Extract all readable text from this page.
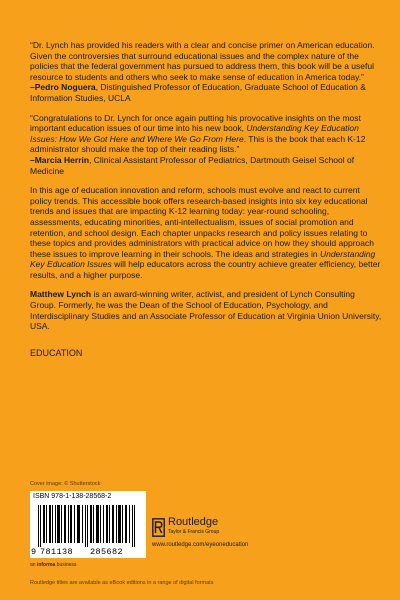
“Dr. Lynch has provided his readers with a clear and concise primer on American education. Given the controversies that surround educational issues and the complex nature of the policies that the federal government has pursued to address them, this book will be a useful resource to students and others who seek to make sense of education in America today.”
–Pedro Noguera, Distinguished Professor of Education, Graduate School of Education & Information Studies, UCLA

“Congratulations to Dr. Lynch for once again putting his provocative insights on the most important education issues of our time into his new book, Understanding Key Education Issues: How We Got Here and Where We Go From Here. This is the book that each K-12 administrator should make the top of their reading lists.”
–Marcia Herrin, Clinical Assistant Professor of Pediatrics, Dartmouth Geisel School of Medicine

In this age of education innovation and reform, schools must evolve and react to current policy trends. This accessible book offers research-based insights into six key educational trends and issues that are impacting K-12 learning today: year-round schooling, assessments, educating minorities, anti-intellectualism, issues of social promotion and retention, and school design. Each chapter unpacks research and policy issues relating to these topics and provides administrators with practical advice on how they should approach these issues to improve learning in their schools. The ideas and strategies in Understanding Key Education Issues will help educators across the country achieve greater efficiency, better results, and a higher purpose.

Matthew Lynch is an award-winning writer, activist, and president of Lynch Consulting Group. Formerly, he was the Dean of the School of Education, Psychology, and Interdisciplinary Studies and an Associate Professor of Education at Virginia Union University, USA.

EDUCATION

Cover image: © Shutterstock
ISBN 978-1-138-28568-2
9 781138 285682
an informa business
Routledge
Taylor & Francis Group
www.routledge.com/eyeoneducation
Routledge titles are available as eBook editions in a range of digital formats
